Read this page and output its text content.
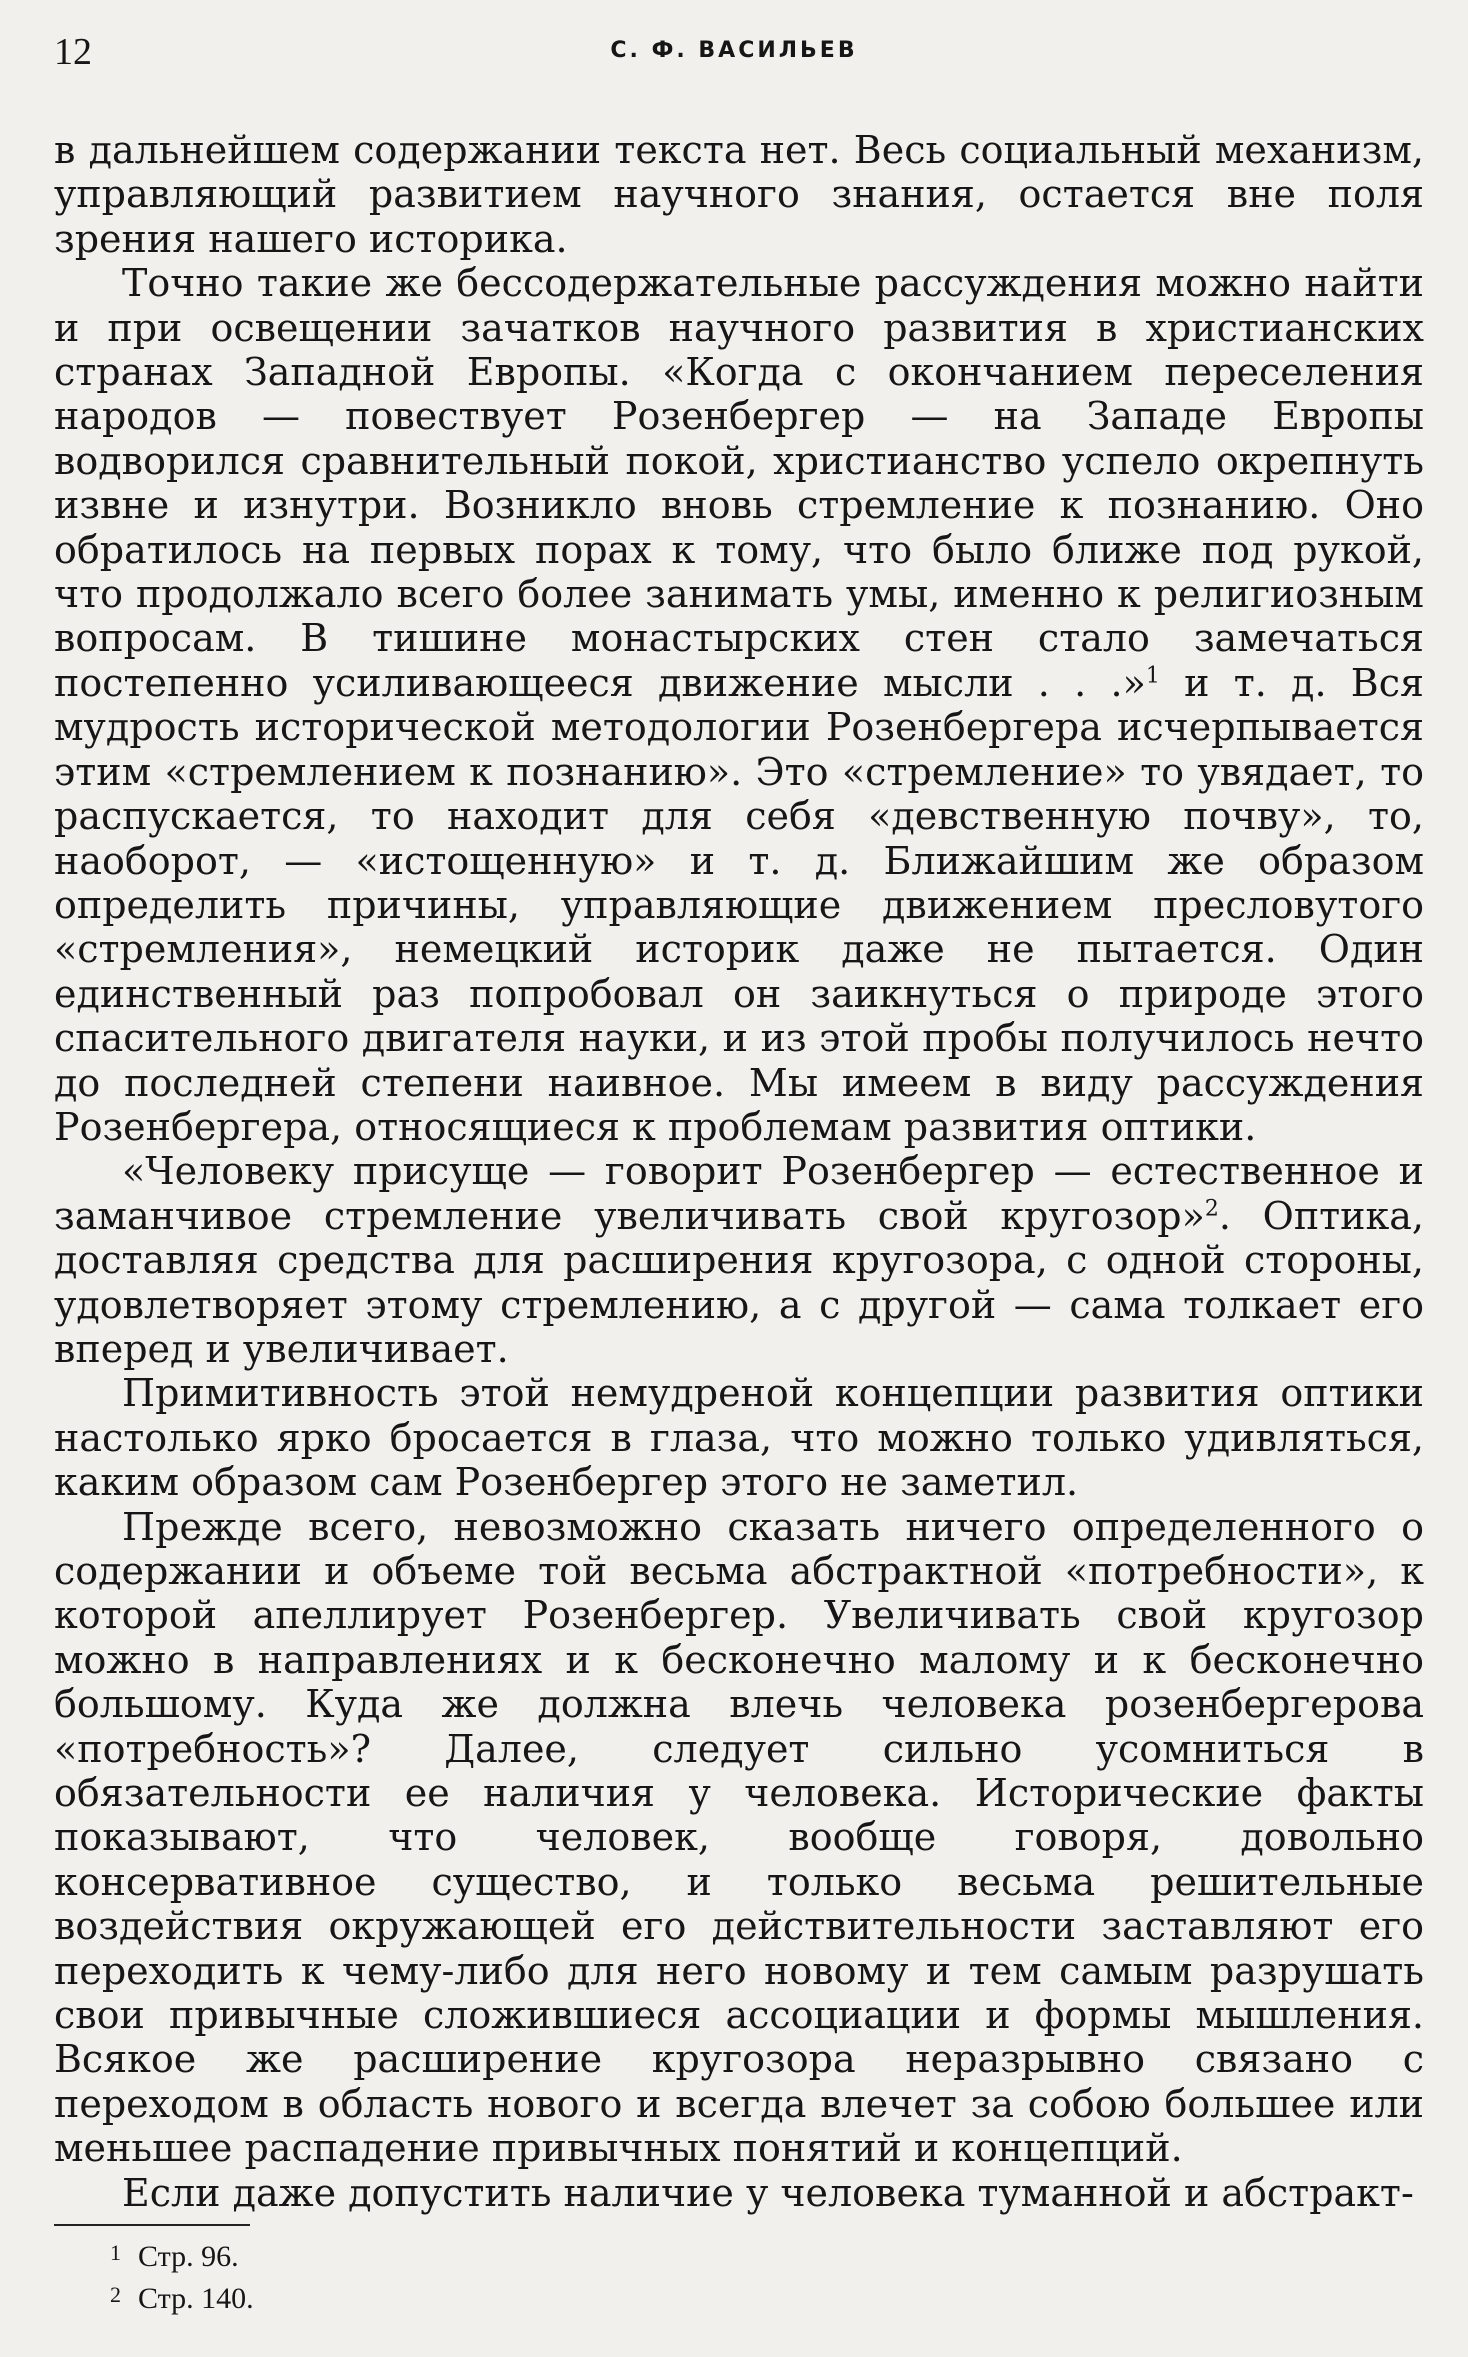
12	С. Ф. ВАСИЛЬЕВ

в дальнейшем содержании текста нет. Весь социальный механизм, управляющий развитием научного знания, остается вне поля зрения нашего историка.

Точно такие же бессодержательные рассуждения можно найти и при освещении зачатков научного развития в христианских странах Западной Европы. «Когда с окончанием переселения народов — повествует Розенбергер — на Западе Европы водворился сравнительный покой, христианство успело окрепнуть извне и изнутри. Возникло вновь стремление к познанию. Оно обратилось на первых порах к тому, что было ближе под рукой, что продолжало всего более занимать умы, именно к религиозным вопросам. В тишине монастырских стен стало замечаться постепенно усиливающееся движение мысли . . .»$^1$ и т. д. Вся мудрость исторической методологии Розенбергера исчерпывается этим «стремлением к познанию». Это «стремление» то увядает, то распускается, то находит для себя «девственную почву», то, наоборот, — «истощенную» и т. д. Ближайшим же образом определить причины, управляющие движением пресловутого «стремления», немецкий историк даже не пытается. Один единственный раз попробовал он заикнуться о природе этого спасительного двигателя науки, и из этой пробы получилось нечто до последней степени наивное. Мы имеем в виду рассуждения Розенбергера, относящиеся к проблемам развития оптики.

«Человеку присуще — говорит Розенбергер — естественное и заманчивое стремление увеличивать свой кругозор»$^2$. Оптика, доставляя средства для расширения кругозора, с одной стороны, удовлетворяет этому стремлению, а с другой — сама толкает его вперед и увеличивает.

Примитивность этой немудреной концепции развития оптики настолько ярко бросается в глаза, что можно только удивляться, каким образом сам Розенбергер этого не заметил.

Прежде всего, невозможно сказать ничего определенного о содержании и объеме той весьма абстрактной «потребности», к которой апеллирует Розенбергер. Увеличивать свой кругозор можно в направлениях и к бесконечно малому и к бесконечно большому. Куда же должна влечь человека розенбергерова «потребность»? Далее, следует сильно усомниться в обязательности ее наличия у человека. Исторические факты показывают, что человек, вообще говоря, довольно консервативное существо, и только весьма решительные воздействия окружающей его действительности заставляют его переходить к чему-либо для него новому и тем самым разрушать свои привычные сложившиеся ассоциации и формы мышления. Всякое же расширение кругозора неразрывно связано с переходом в область нового и всегда влечет за собою большее или меньшее распадение привычных понятий и концепций.

Если даже допустить наличие у человека туманной и абстракт-

1 Стр. 96.
2 Стр. 140.
